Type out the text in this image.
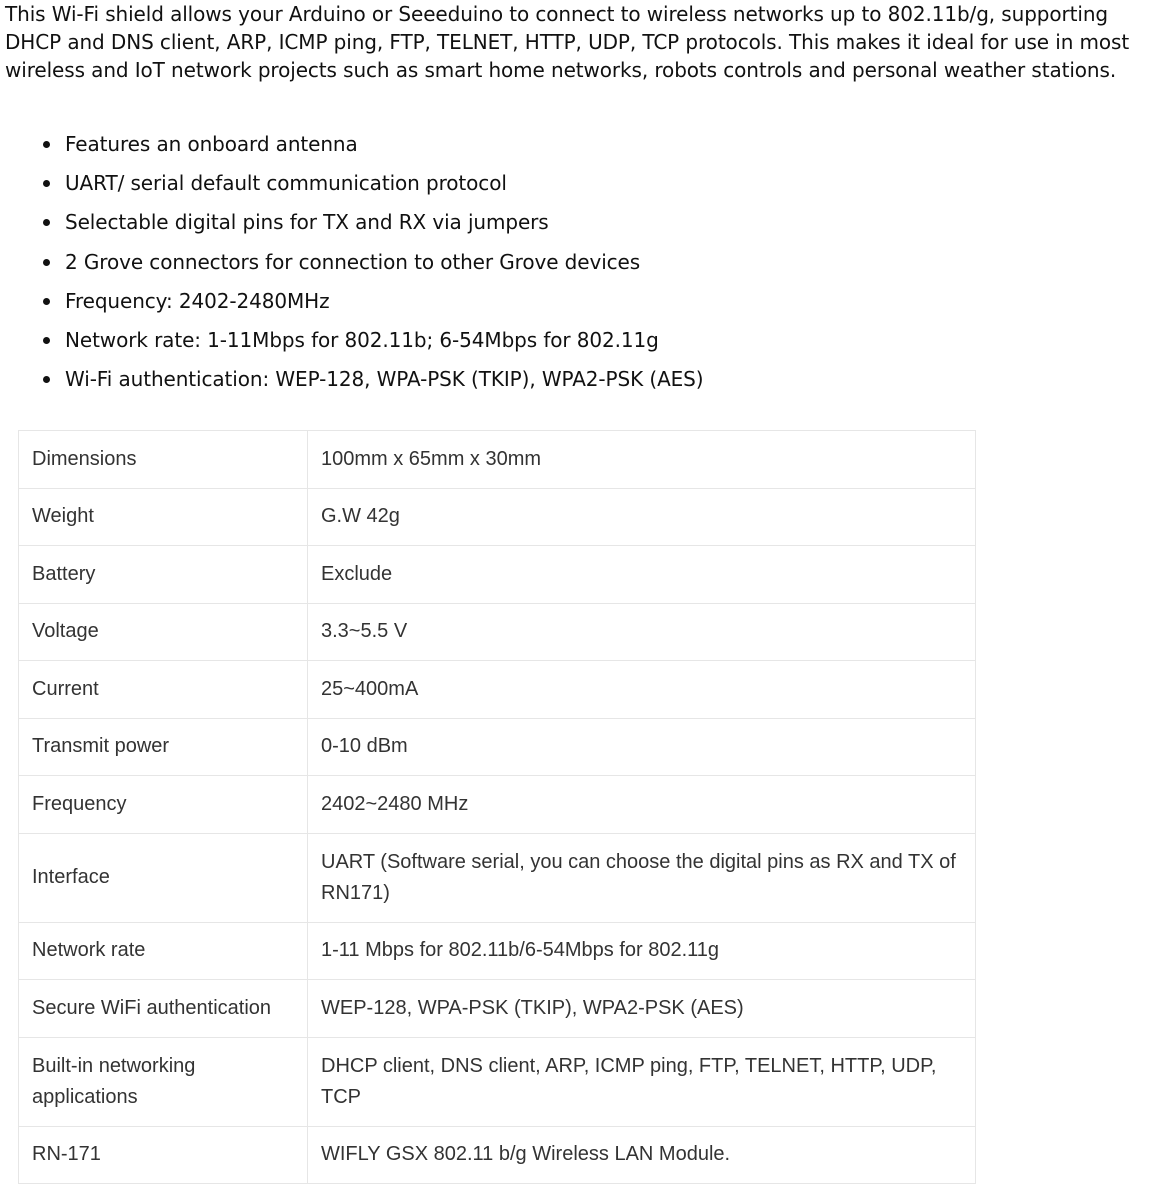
This Wi-Fi shield allows your Arduino or Seeeduino to connect to wireless networks up to 802.11b/g, supporting DHCP and DNS client, ARP, ICMP ping, FTP, TELNET, HTTP, UDP, TCP protocols. This makes it ideal for use in most wireless and IoT network projects such as smart home networks, robots controls and personal weather stations.

Features an onboard antenna
UART/ serial default communication protocol
Selectable digital pins for TX and RX via jumpers
2 Grove connectors for connection to other Grove devices
Frequency: 2402-2480MHz
Network rate: 1-11Mbps for 802.11b; 6-54Mbps for 802.11g
Wi-Fi authentication: WEP-128, WPA-PSK (TKIP), WPA2-PSK (AES)
Dimensions	100mm x 65mm x 30mm
Weight	G.W 42g
Battery	Exclude
Voltage	3.3~5.5 V
Current	25~400mA
Transmit power	0-10 dBm
Frequency	2402~2480 MHz
Interface	UART (Software serial, you can choose the digital pins as RX and TX of RN171)
Network rate	1-11 Mbps for 802.11b/6-54Mbps for 802.11g
Secure WiFi authentication	WEP-128, WPA-PSK (TKIP), WPA2-PSK (AES)
Built-in networking applications	DHCP client, DNS client, ARP, ICMP ping, FTP, TELNET, HTTP, UDP, TCP
RN-171	WIFLY GSX 802.11 b/g Wireless LAN Module.
